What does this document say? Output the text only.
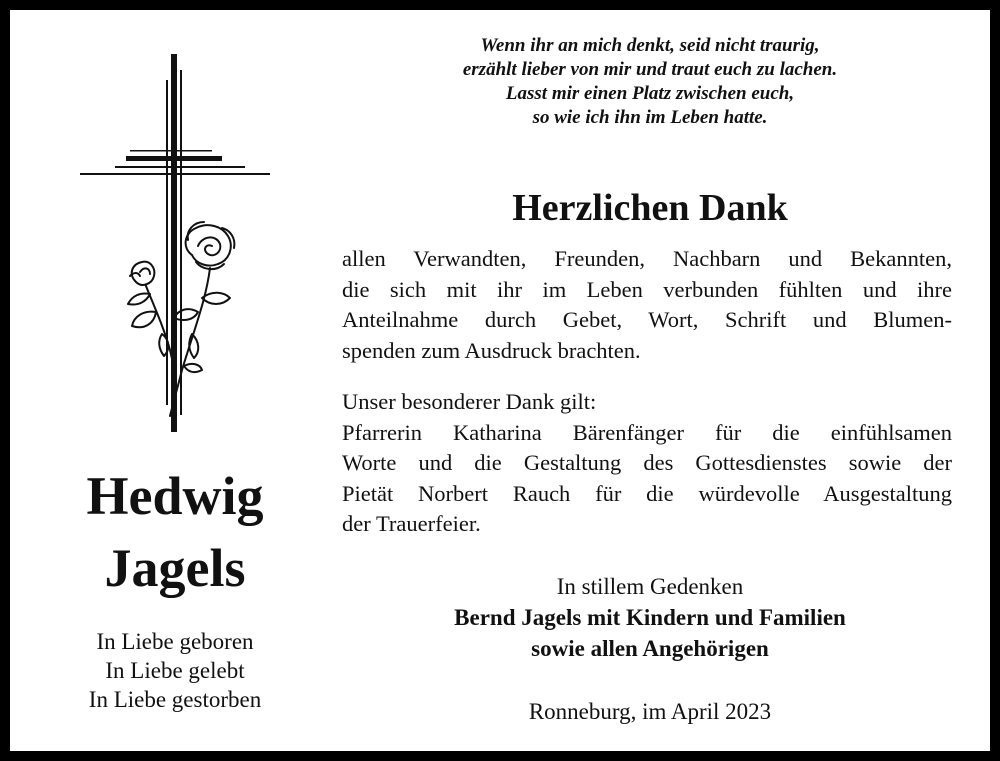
Hedwig
Jagels
In Liebe geboren
In Liebe gelebt
In Liebe gestorben
Wenn ihr an mich denkt, seid nicht traurig,
erzählt lieber von mir und traut euch zu lachen.
Lasst mir einen Platz zwischen euch,
so wie ich ihn im Leben hatte.
Herzlichen Dank
allen Verwandten, Freunden, Nachbarn und Bekannten,
die sich mit ihr im Leben verbunden fühlten und ihre
Anteilnahme durch Gebet, Wort, Schrift und Blumen-
spenden zum Ausdruck brachten.
Unser besonderer Dank gilt:
Pfarrerin Katharina Bärenfänger für die einfühlsamen
Worte und die Gestaltung des Gottesdienstes sowie der
Pietät Norbert Rauch für die würdevolle Ausgestaltung
der Trauerfeier.
In stillem Gedenken
Bernd Jagels mit Kindern und Familien
sowie allen Angehörigen
Ronneburg, im April 2023
